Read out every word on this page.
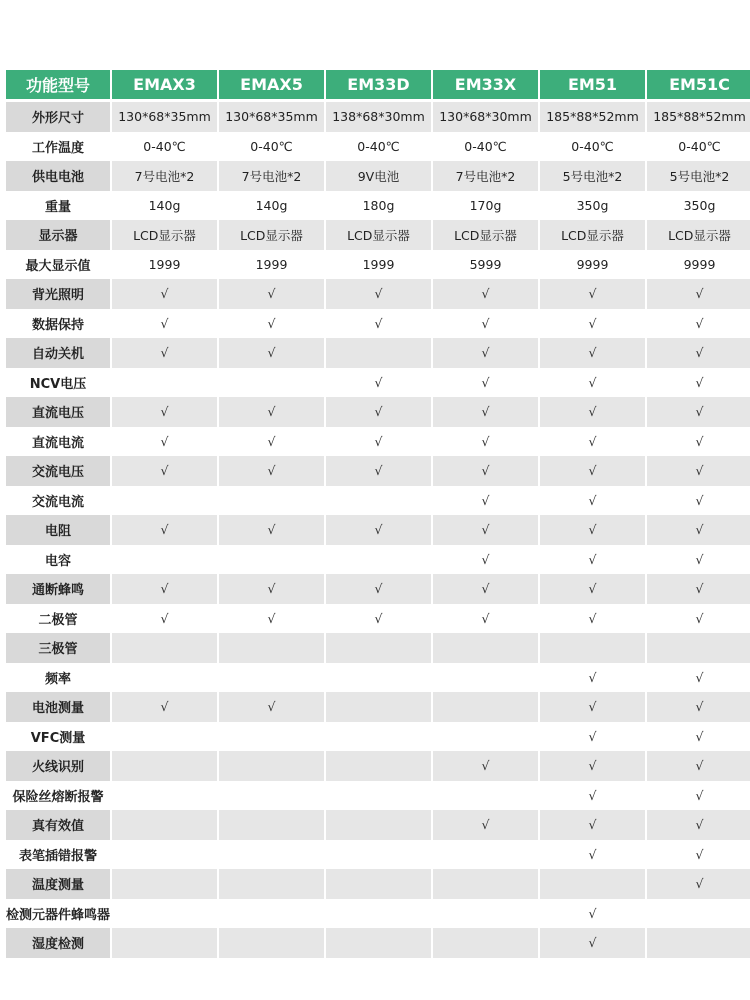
功能型号	EMAX3	EMAX5	EM33D	EM33X	EM51	EM51C
外形尺寸	130*68*35mm	130*68*35mm	138*68*30mm	130*68*30mm	185*88*52mm	185*88*52mm
工作温度	0-40℃	0-40℃	0-40℃	0-40℃	0-40℃	0-40℃
供电电池	7号电池*2	7号电池*2	9V电池	7号电池*2	5号电池*2	5号电池*2
重量	140g	140g	180g	170g	350g	350g
显示器	LCD显示器	LCD显示器	LCD显示器	LCD显示器	LCD显示器	LCD显示器
最大显示值	1999	1999	1999	5999	9999	9999
背光照明	√	√	√	√	√	√
数据保持	√	√	√	√	√	√
自动关机	√	√		√	√	√
NCV电压			√	√	√	√
直流电压	√	√	√	√	√	√
直流电流	√	√	√	√	√	√
交流电压	√	√	√	√	√	√
交流电流				√	√	√
电阻	√	√	√	√	√	√
电容				√	√	√
通断蜂鸣	√	√	√	√	√	√
二极管	√	√	√	√	√	√
三极管						
频率					√	√
电池测量	√	√			√	√
VFC测量					√	√
火线识别				√	√	√
保险丝熔断报警					√	√
真有效值				√	√	√
表笔插错报警					√	√
温度测量						√
检测元器件蜂鸣器					√	
湿度检测					√	
